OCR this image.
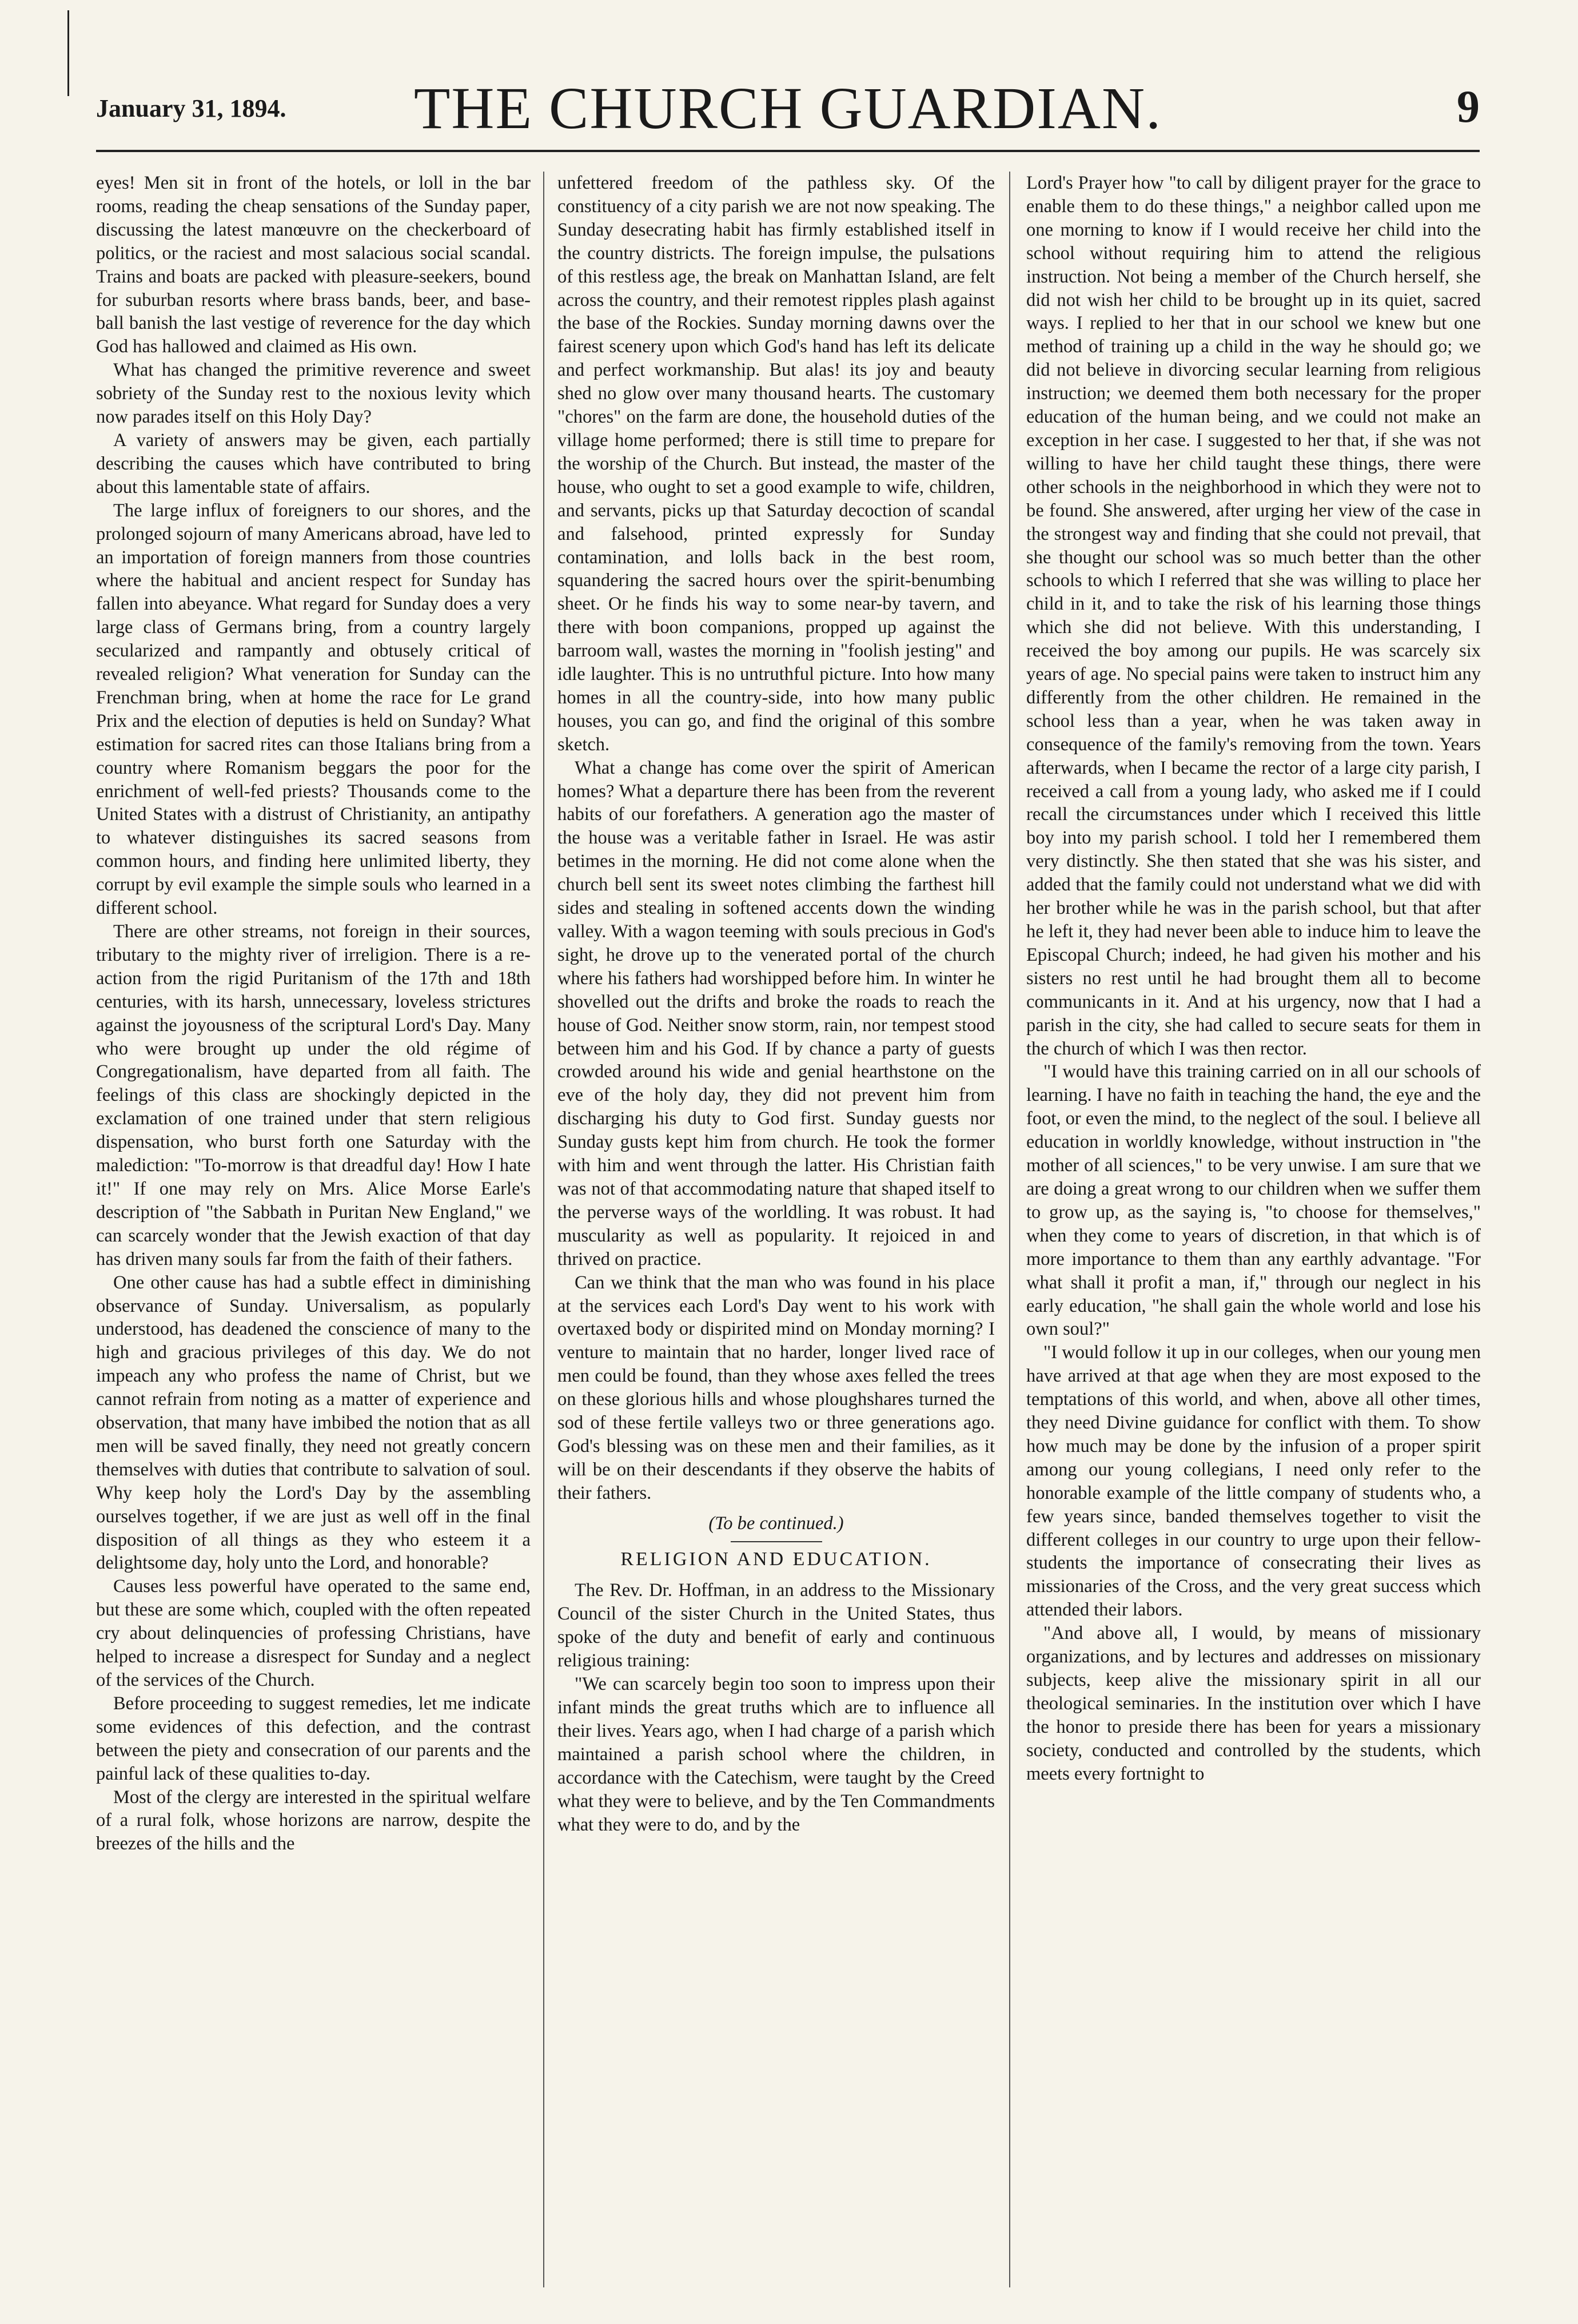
January 31, 1894.	THE CHURCH GUARDIAN.	9

eyes! Men sit in front of the hotels, or loll in the bar rooms, reading the cheap sensations of the Sunday paper, discussing the latest manœuvre on the checkerboard of politics, or the raciest and most salacious social scandal. Trains and boats are packed with pleasure-seekers, bound for suburban resorts where brass bands, beer, and base-ball banish the last vestige of reverence for the day which God has hallowed and claimed as His own.

What has changed the primitive reverence and sweet sobriety of the Sunday rest to the noxious levity which now parades itself on this Holy Day?

A variety of answers may be given, each partially describing the causes which have contributed to bring about this lamentable state of affairs.

The large influx of foreigners to our shores, and the prolonged sojourn of many Americans abroad, have led to an importation of foreign manners from those countries where the habitual and ancient respect for Sunday has fallen into abeyance. What regard for Sunday does a very large class of Germans bring, from a country largely secularized and rampantly and obtusely critical of revealed religion? What veneration for Sunday can the Frenchman bring, when at home the race for Le grand Prix and the election of deputies is held on Sunday? What estimation for sacred rites can those Italians bring from a country where Romanism beggars the poor for the enrichment of well-fed priests? Thousands come to the United States with a distrust of Christianity, an antipathy to whatever distinguishes its sacred seasons from common hours, and finding here unlimited liberty, they corrupt by evil example the simple souls who learned in a different school.

There are other streams, not foreign in their sources, tributary to the mighty river of irreligion. There is a re-action from the rigid Puritanism of the 17th and 18th centuries, with its harsh, unnecessary, loveless strictures against the joyousness of the scriptural Lord's Day. Many who were brought up under the old régime of Congregationalism, have departed from all faith. The feelings of this class are shockingly depicted in the exclamation of one trained under that stern religious dispensation, who burst forth one Saturday with the malediction: "To-morrow is that dreadful day! How I hate it!" If one may rely on Mrs. Alice Morse Earle's description of "the Sabbath in Puritan New England," we can scarcely wonder that the Jewish exaction of that day has driven many souls far from the faith of their fathers.

One other cause has had a subtle effect in diminishing observance of Sunday. Universalism, as popularly understood, has deadened the conscience of many to the high and gracious privileges of this day. We do not impeach any who profess the name of Christ, but we cannot refrain from noting as a matter of experience and observation, that many have imbibed the notion that as all men will be saved finally, they need not greatly concern themselves with duties that contribute to salvation of soul. Why keep holy the Lord's Day by the assembling ourselves together, if we are just as well off in the final disposition of all things as they who esteem it a delightsome day, holy unto the Lord, and honorable?

Causes less powerful have operated to the same end, but these are some which, coupled with the often repeated cry about delinquencies of professing Christians, have helped to increase a disrespect for Sunday and a neglect of the services of the Church.

Before proceeding to suggest remedies, let me indicate some evidences of this defection, and the contrast between the piety and consecration of our parents and the painful lack of these qualities to-day.

Most of the clergy are interested in the spiritual welfare of a rural folk, whose horizons are narrow, despite the breezes of the hills and the

unfettered freedom of the pathless sky. Of the constituency of a city parish we are not now speaking. The Sunday desecrating habit has firmly established itself in the country districts. The foreign impulse, the pulsations of this restless age, the break on Manhattan Island, are felt across the country, and their remotest ripples plash against the base of the Rockies. Sunday morning dawns over the fairest scenery upon which God's hand has left its delicate and perfect workmanship. But alas! its joy and beauty shed no glow over many thousand hearts. The customary "chores" on the farm are done, the household duties of the village home performed; there is still time to prepare for the worship of the Church. But instead, the master of the house, who ought to set a good example to wife, children, and servants, picks up that Saturday decoction of scandal and falsehood, printed expressly for Sunday contamination, and lolls back in the best room, squandering the sacred hours over the spirit-benumbing sheet. Or he finds his way to some near-by tavern, and there with boon companions, propped up against the barroom wall, wastes the morning in "foolish jesting" and idle laughter. This is no untruthful picture. Into how many homes in all the country-side, into how many public houses, you can go, and find the original of this sombre sketch.

What a change has come over the spirit of American homes? What a departure there has been from the reverent habits of our forefathers. A generation ago the master of the house was a veritable father in Israel. He was astir betimes in the morning. He did not come alone when the church bell sent its sweet notes climbing the farthest hill sides and stealing in softened accents down the winding valley. With a wagon teeming with souls precious in God's sight, he drove up to the venerated portal of the church where his fathers had worshipped before him. In winter he shovelled out the drifts and broke the roads to reach the house of God. Neither snow storm, rain, nor tempest stood between him and his God. If by chance a party of guests crowded around his wide and genial hearthstone on the eve of the holy day, they did not prevent him from discharging his duty to God first. Sunday guests nor Sunday gusts kept him from church. He took the former with him and went through the latter. His Christian faith was not of that accommodating nature that shaped itself to the perverse ways of the worldling. It was robust. It had muscularity as well as popularity. It rejoiced in and thrived on practice.

Can we think that the man who was found in his place at the services each Lord's Day went to his work with overtaxed body or dispirited mind on Monday morning? I venture to maintain that no harder, longer lived race of men could be found, than they whose axes felled the trees on these glorious hills and whose ploughshares turned the sod of these fertile valleys two or three generations ago. God's blessing was on these men and their families, as it will be on their descendants if they observe the habits of their fathers.

(To be continued.)

RELIGION AND EDUCATION.

The Rev. Dr. Hoffman, in an address to the Missionary Council of the sister Church in the United States, thus spoke of the duty and benefit of early and continuous religious training:

"We can scarcely begin too soon to impress upon their infant minds the great truths which are to influence all their lives. Years ago, when I had charge of a parish which maintained a parish school where the children, in accordance with the Catechism, were taught by the Creed what they were to believe, and by the Ten Commandments what they were to do, and by the

Lord's Prayer how "to call by diligent prayer for the grace to enable them to do these things," a neighbor called upon me one morning to know if I would receive her child into the school without requiring him to attend the religious instruction. Not being a member of the Church herself, she did not wish her child to be brought up in its quiet, sacred ways. I replied to her that in our school we knew but one method of training up a child in the way he should go; we did not believe in divorcing secular learning from religious instruction; we deemed them both necessary for the proper education of the human being, and we could not make an exception in her case. I suggested to her that, if she was not willing to have her child taught these things, there were other schools in the neighborhood in which they were not to be found. She answered, after urging her view of the case in the strongest way and finding that she could not prevail, that she thought our school was so much better than the other schools to which I referred that she was willing to place her child in it, and to take the risk of his learning those things which she did not believe. With this understanding, I received the boy among our pupils. He was scarcely six years of age. No special pains were taken to instruct him any differently from the other children. He remained in the school less than a year, when he was taken away in consequence of the family's removing from the town. Years afterwards, when I became the rector of a large city parish, I received a call from a young lady, who asked me if I could recall the circumstances under which I received this little boy into my parish school. I told her I remembered them very distinctly. She then stated that she was his sister, and added that the family could not understand what we did with her brother while he was in the parish school, but that after he left it, they had never been able to induce him to leave the Episcopal Church; indeed, he had given his mother and his sisters no rest until he had brought them all to become communicants in it. And at his urgency, now that I had a parish in the city, she had called to secure seats for them in the church of which I was then rector.

"I would have this training carried on in all our schools of learning. I have no faith in teaching the hand, the eye and the foot, or even the mind, to the neglect of the soul. I believe all education in worldly knowledge, without instruction in "the mother of all sciences," to be very unwise. I am sure that we are doing a great wrong to our children when we suffer them to grow up, as the saying is, "to choose for themselves," when they come to years of discretion, in that which is of more importance to them than any earthly advantage. "For what shall it profit a man, if," through our neglect in his early education, "he shall gain the whole world and lose his own soul?"

"I would follow it up in our colleges, when our young men have arrived at that age when they are most exposed to the temptations of this world, and when, above all other times, they need Divine guidance for conflict with them. To show how much may be done by the infusion of a proper spirit among our young collegians, I need only refer to the honorable example of the little company of students who, a few years since, banded themselves together to visit the different colleges in our country to urge upon their fellow-students the importance of consecrating their lives as missionaries of the Cross, and the very great success which attended their labors.

"And above all, I would, by means of missionary organizations, and by lectures and addresses on missionary subjects, keep alive the missionary spirit in all our theological seminaries. In the institution over which I have the honor to preside there has been for years a missionary society, conducted and controlled by the students, which meets every fortnight to
